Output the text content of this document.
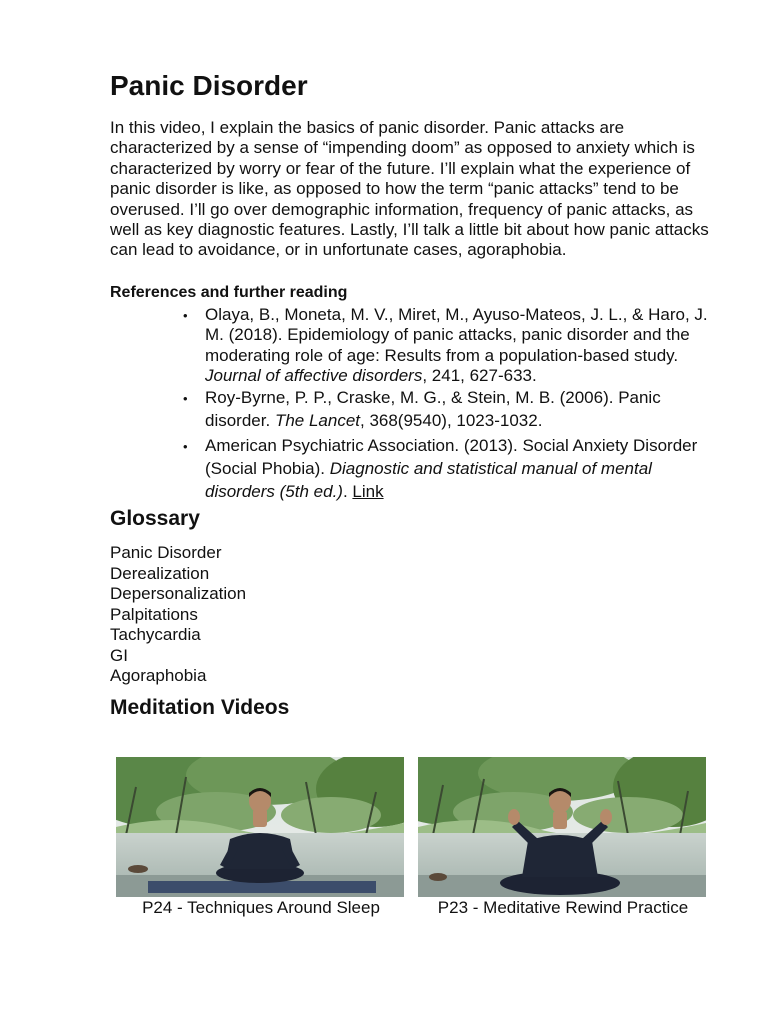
Panic Disorder

In this video, I explain the basics of panic disorder. Panic attacks are characterized by a sense of “impending doom” as opposed to anxiety which is characterized by worry or fear of the future. I’ll explain what the experience of panic disorder is like, as opposed to how the term “panic attacks” tend to be overused. I’ll go over demographic information, frequency of panic attacks, as well as key diagnostic features. Lastly, I’ll talk a little bit about how panic attacks can lead to avoidance, or in unfortunate cases, agoraphobia.

References and further reading
• Olaya, B., Moneta, M. V., Miret, M., Ayuso-Mateos, J. L., & Haro, J. M. (2018). Epidemiology of panic attacks, panic disorder and the moderating role of age: Results from a population-based study. Journal of affective disorders, 241, 627-633.
• Roy-Byrne, P. P., Craske, M. G., & Stein, M. B. (2006). Panic disorder. The Lancet, 368(9540), 1023-1032.
• American Psychiatric Association. (2013). Social Anxiety Disorder (Social Phobia). Diagnostic and statistical manual of mental disorders (5th ed.). Link
Glossary
Panic Disorder
Derealization
Depersonalization
Palpitations
Tachycardia
GI
Agoraphobia
Meditation Videos
P24 - Techniques Around Sleep	P23 - Meditative Rewind Practice
